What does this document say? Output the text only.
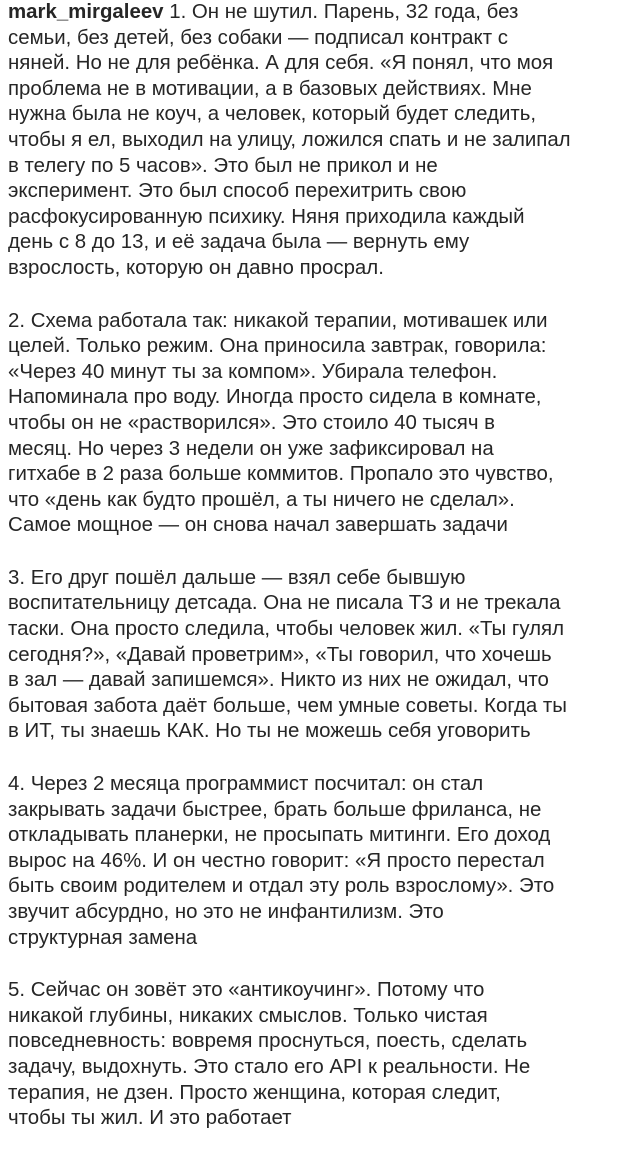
mark_mirgaleev 1. Он не шутил. Парень, 32 года, без
семьи, без детей, без собаки — подписал контракт с
няней. Но не для ребёнка. А для себя. «Я понял, что моя
проблема не в мотивации, а в базовых действиях. Мне
нужна была не коуч, а человек, который будет следить,
чтобы я ел, выходил на улицу, ложился спать и не залипал
в телегу по 5 часов». Это был не прикол и не
эксперимент. Это был способ перехитрить свою
расфокусированную психику. Няня приходила каждый
день с 8 до 13, и её задача была — вернуть ему
взрослость, которую он давно просрал.
2. Схема работала так: никакой терапии, мотивашек или
целей. Только режим. Она приносила завтрак, говорила:
«Через 40 минут ты за компом». Убирала телефон.
Напоминала про воду. Иногда просто сидела в комнате,
чтобы он не «растворился». Это стоило 40 тысяч в
месяц. Но через 3 недели он уже зафиксировал на
гитхабе в 2 раза больше коммитов. Пропало это чувство,
что «день как будто прошёл, а ты ничего не сделал».
Самое мощное — он снова начал завершать задачи
3. Его друг пошёл дальше — взял себе бывшую
воспитательницу детсада. Она не писала ТЗ и не трекала
таски. Она просто следила, чтобы человек жил. «Ты гулял
сегодня?», «Давай проветрим», «Ты говорил, что хочешь
в зал — давай запишемся». Никто из них не ожидал, что
бытовая забота даёт больше, чем умные советы. Когда ты
в ИТ, ты знаешь КАК. Но ты не можешь себя уговорить
4. Через 2 месяца программист посчитал: он стал
закрывать задачи быстрее, брать больше фриланса, не
откладывать планерки, не просыпать митинги. Его доход
вырос на 46%. И он честно говорит: «Я просто перестал
быть своим родителем и отдал эту роль взрослому». Это
звучит абсурдно, но это не инфантилизм. Это
структурная замена
5. Сейчас он зовёт это «антикоучинг». Потому что
никакой глубины, никаких смыслов. Только чистая
повседневность: вовремя проснуться, поесть, сделать
задачу, выдохнуть. Это стало его API к реальности. Не
терапия, не дзен. Просто женщина, которая следит,
чтобы ты жил. И это работает
